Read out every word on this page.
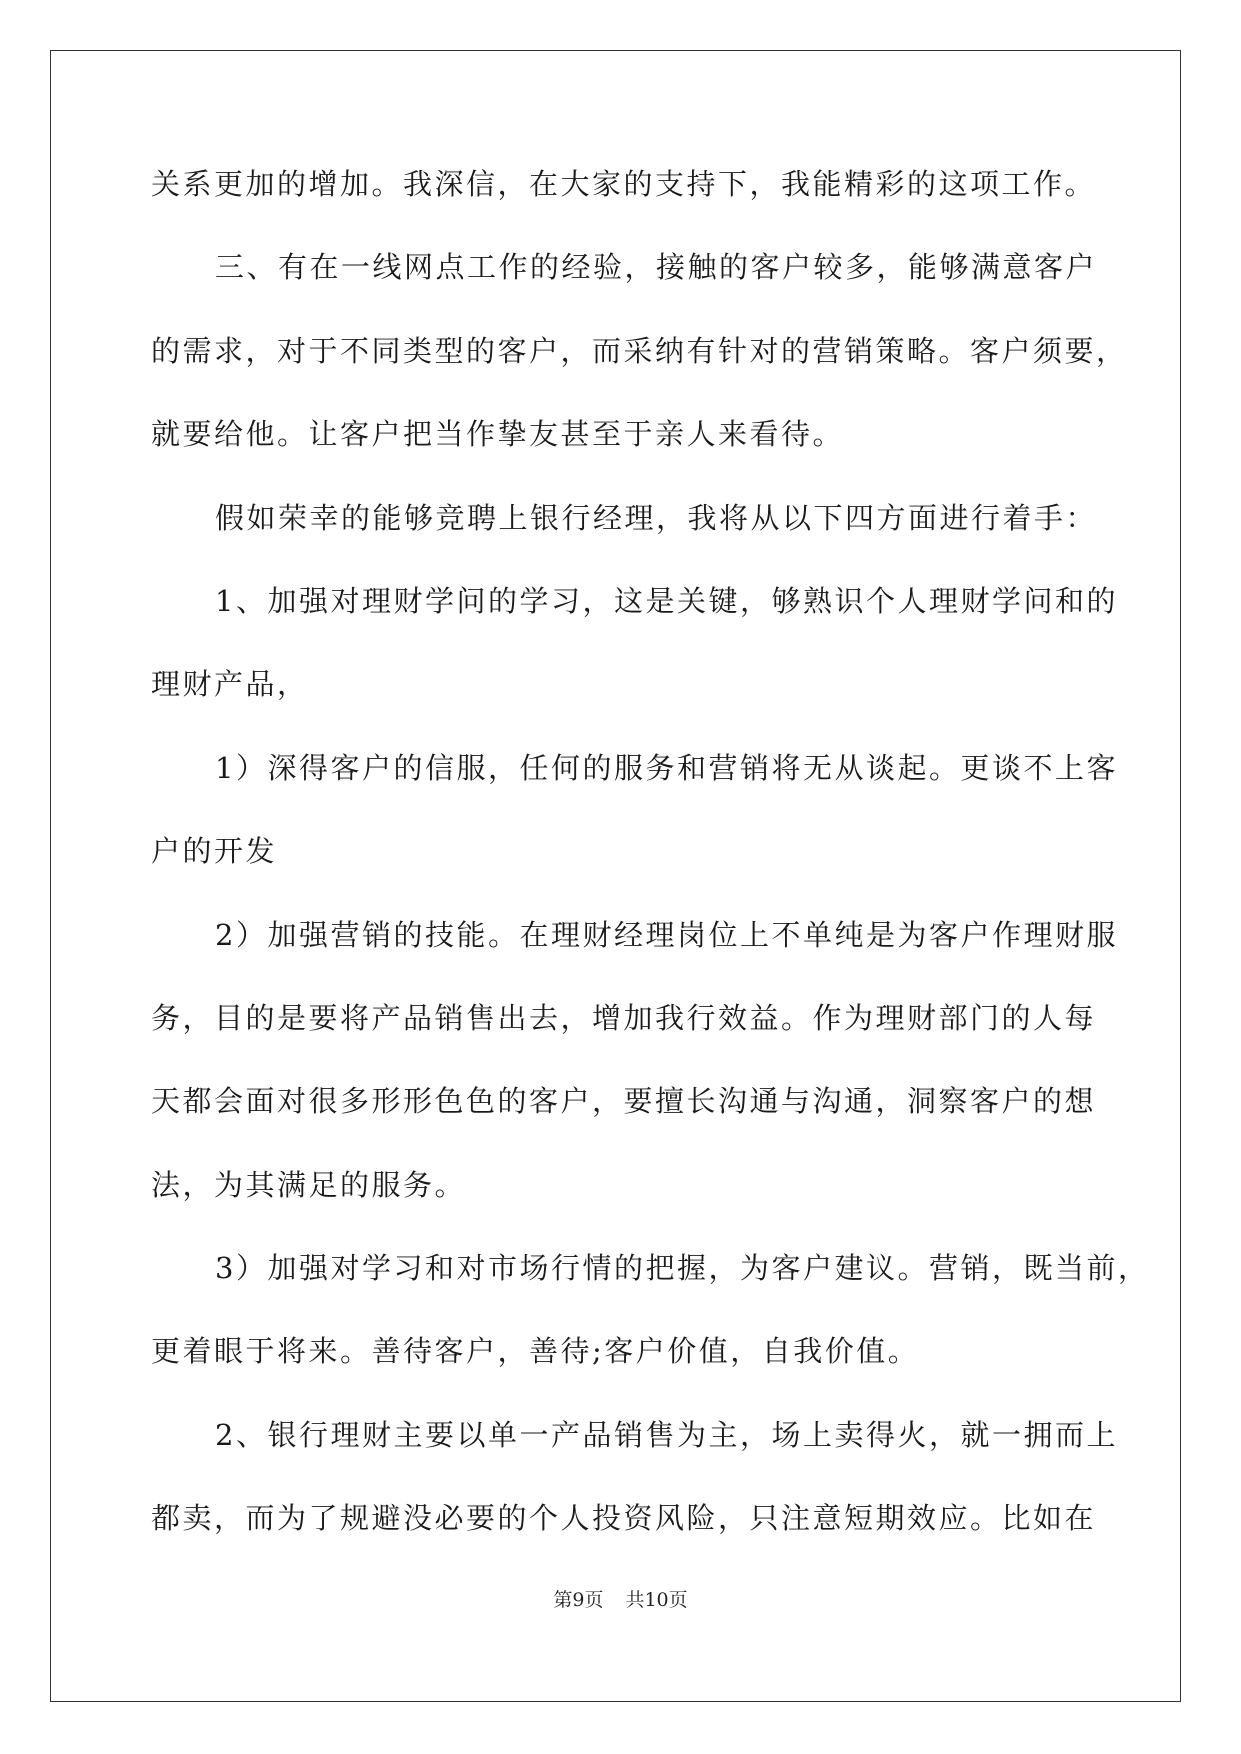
关系更加的增加。我深信，在大家的支持下，我能精彩的这项工作。
三、有在一线网点工作的经验，接触的客户较多，能够满意客户
的需求，对于不同类型的客户，而采纳有针对的营销策略。客户须要，
就要给他。让客户把当作挚友甚至于亲人来看待。
假如荣幸的能够竞聘上银行经理，我将从以下四方面进行着手：
1、加强对理财学问的学习，这是关键，够熟识个人理财学问和的
理财产品，
1）深得客户的信服，任何的服务和营销将无从谈起。更谈不上客
户的开发
2）加强营销的技能。在理财经理岗位上不单纯是为客户作理财服
务，目的是要将产品销售出去，增加我行效益。作为理财部门的人每
天都会面对很多形形色色的客户，要擅长沟通与沟通，洞察客户的想
法，为其满足的服务。
3）加强对学习和对市场行情的把握，为客户建议。营销，既当前，
更着眼于将来。善待客户，善待;客户价值，自我价值。
2、银行理财主要以单一产品销售为主，场上卖得火，就一拥而上
都卖，而为了规避没必要的个人投资风险，只注意短期效应。比如在
第9页 共10页
